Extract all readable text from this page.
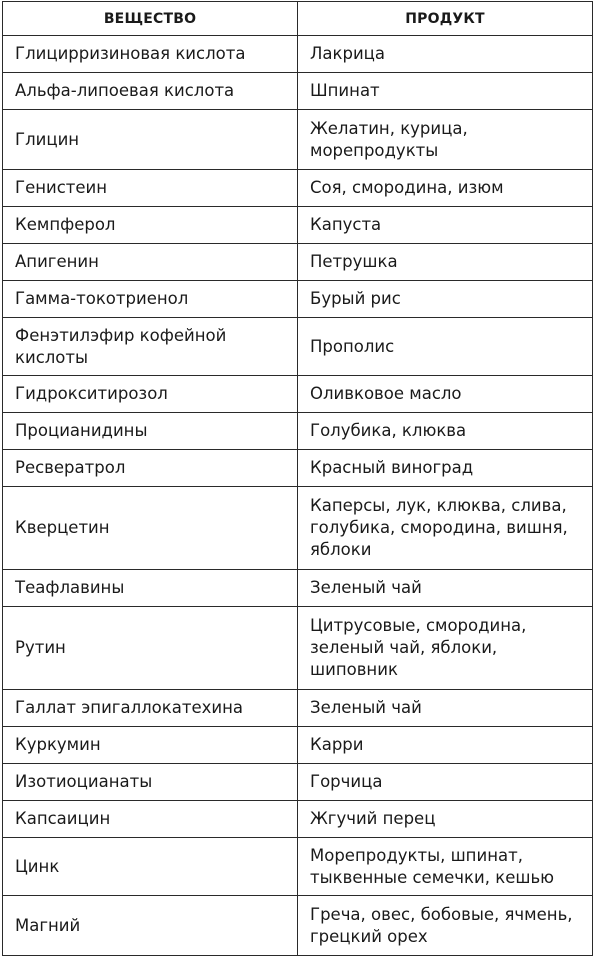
ВЕЩЕСТВО	ПРОДУКТ
Глицирризиновая кислота	Лакрица

Альфа-липоевая кислота	Шпинат

Глицин	Желатин, курица,
морепродукты

Генистеин	Соя, смородина, изюм

Кемпферол	Капуста

Апигенин	Петрушка

Гамма-токотриенол	Бурый рис

Фенэтилэфир кофейной кислоты	Прополис

Гидрокситирозол	Оливковое масло

Процианидины	Голубика, клюква

Ресвератрол	Красный виноград

Кверцетин	Каперсы, лук, клюква, слива,
голубика, смородина, вишня,
яблоки

Теафлавины	Зеленый чай

Рутин	Цитрусовые, смородина,
зеленый чай, яблоки,
шиповник

Галлат эпигаллокатехина	Зеленый чай

Куркумин	Карри

Изотиоцианаты	Горчица

Капсаицин	Жгучий перец

Цинк	Морепродукты, шпинат,
тыквенные семечки, кешью

Магний	Греча, овес, бобовые, ячмень,
грецкий орех
